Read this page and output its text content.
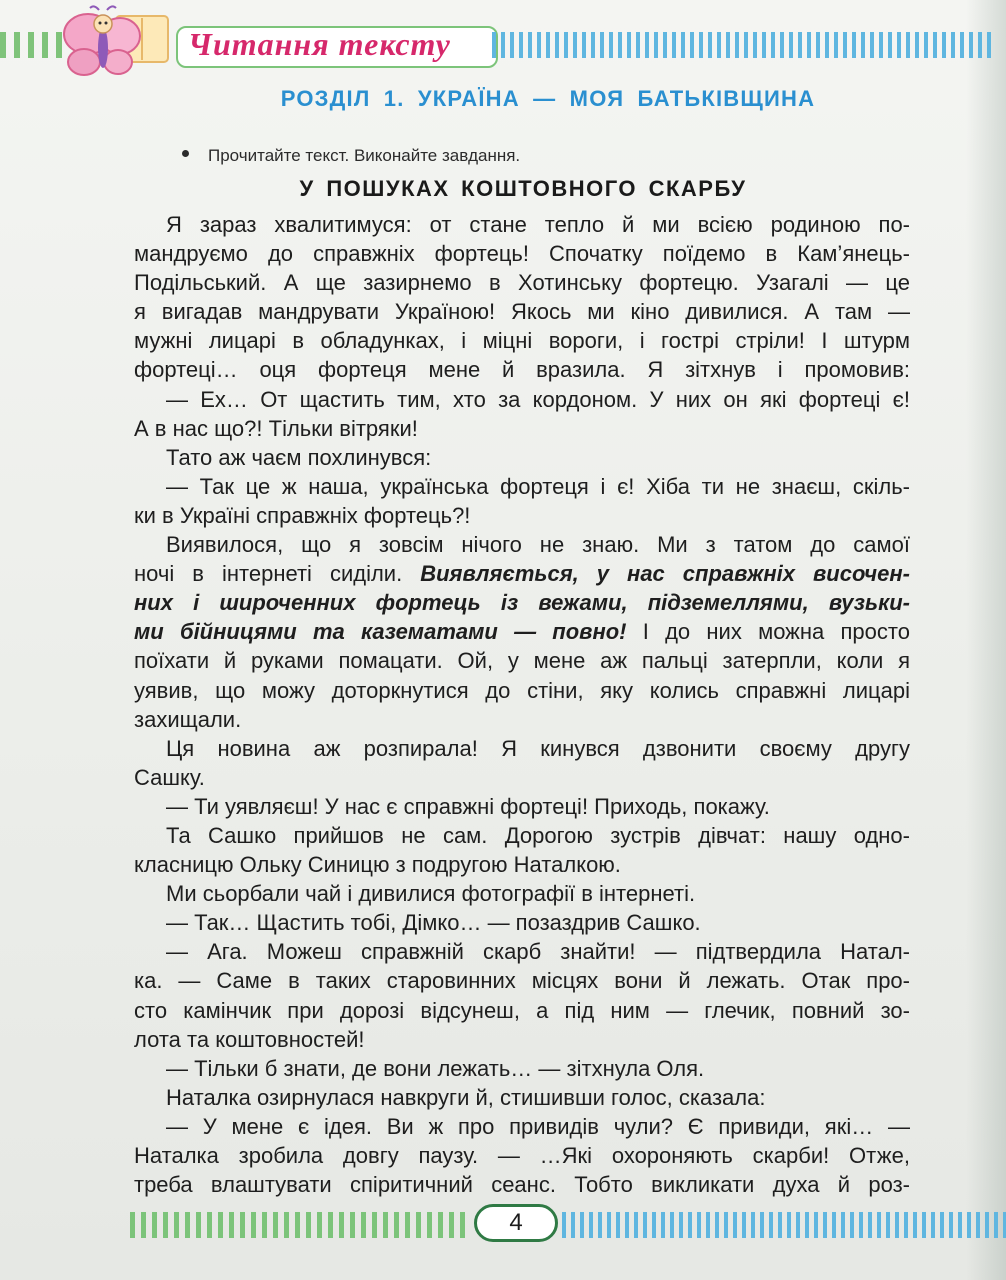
Читання тексту
РОЗДІЛ 1. УКРАЇНА — МОЯ БАТЬКІВЩИНА
Прочитайте текст. Виконайте завдання.
У ПОШУКАХ КОШТОВНОГО СКАРБУ
Я зараз хвалитимуся: от стане тепло й ми всією родиною по-
мандруємо до справжніх фортець! Спочатку поїдемо в Кам’янець-
Подільський. А ще зазирнемо в Хотинську фортецю. Узагалі — це
я вигадав мандрувати Україною! Якось ми кіно дивилися. А там —
мужні лицарі в обладунках, і міцні вороги, і гострі стріли! І штурм
фортеці… оця фортеця мене й вразила. Я зітхнув і промовив:
— Ех… От щастить тим, хто за кордоном. У них он які фортеці є!
А в нас що?! Тільки вітряки!
Тато аж чаєм похлинувся:
— Так це ж наша, українська фортеця і є! Хіба ти не знаєш, скіль-
ки в Україні справжніх фортець?!
Виявилося, що я зовсім нічого не знаю. Ми з татом до самої
ночі в інтернеті сиділи. Виявляється, у нас справжніх височен-
них і широченних фортець із вежами, підземеллями, вузьки-
ми бійницями та казематами — повно! І до них можна просто
поїхати й руками помацати. Ой, у мене аж пальці затерпли, коли я
уявив, що можу доторкнутися до стіни, яку колись справжні лицарі
захищали.
Ця новина аж розпирала! Я кинувся дзвонити своєму другу
Сашку.
— Ти уявляєш! У нас є справжні фортеці! Приходь, покажу.
Та Сашко прийшов не сам. Дорогою зустрів дівчат: нашу одно-
класницю Ольку Синицю з подругою Наталкою.
Ми сьорбали чай і дивилися фотографії в інтернеті.
— Так… Щастить тобі, Дімко… — позаздрив Сашко.
— Ага. Можеш справжній скарб знайти! — підтвердила Натал-
ка. — Саме в таких старовинних місцях вони й лежать. Отак про-
сто камінчик при дорозі відсунеш, а під ним — глечик, повний зо-
лота та коштовностей!
— Тільки б знати, де вони лежать… — зітхнула Оля.
Наталка озирнулася навкруги й, стишивши голос, сказала:
— У мене є ідея. Ви ж про привидів чули? Є привиди, які… —
Наталка зробила довгу паузу. — …Які охороняють скарби! Отже,
треба влаштувати спіритичний сеанс. Тобто викликати духа й роз-
4
